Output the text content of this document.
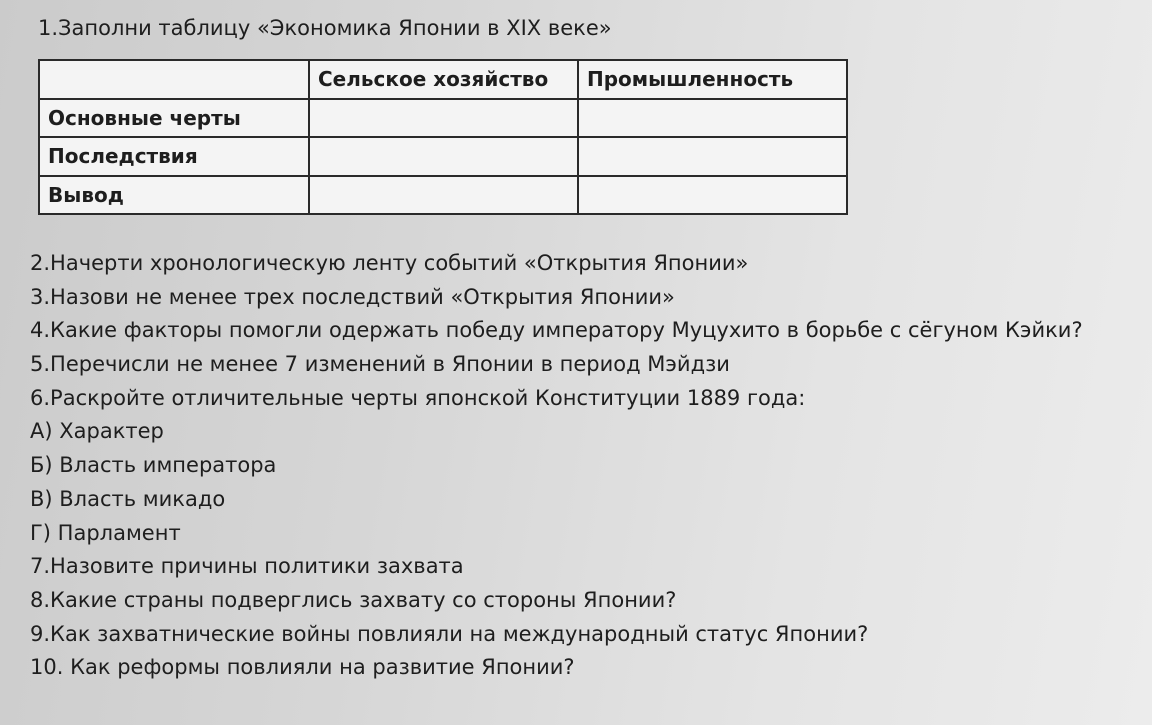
1.Заполни таблицу «Экономика Японии в XIX веке»
	Сельское хозяйство	Промышленность
Основные черты		
Последствия		
Вывод		
2.Начерти хронологическую ленту событий «Открытия Японии»
3.Назови не менее трех последствий «Открытия Японии»
4.Какие факторы помогли одержать победу императору Муцухито в борьбе с сёгуном Кэйки?
5.Перечисли не менее 7 изменений в Японии в период Мэйдзи
6.Раскройте отличительные черты японской Конституции 1889 года:
А) Характер
Б) Власть императора
В) Власть микадо
Г) Парламент
7.Назовите причины политики захвата
8.Какие страны подверглись захвату со стороны Японии?
9.Как захватнические войны повлияли на международный статус Японии?
10. Как реформы повлияли на развитие Японии?
